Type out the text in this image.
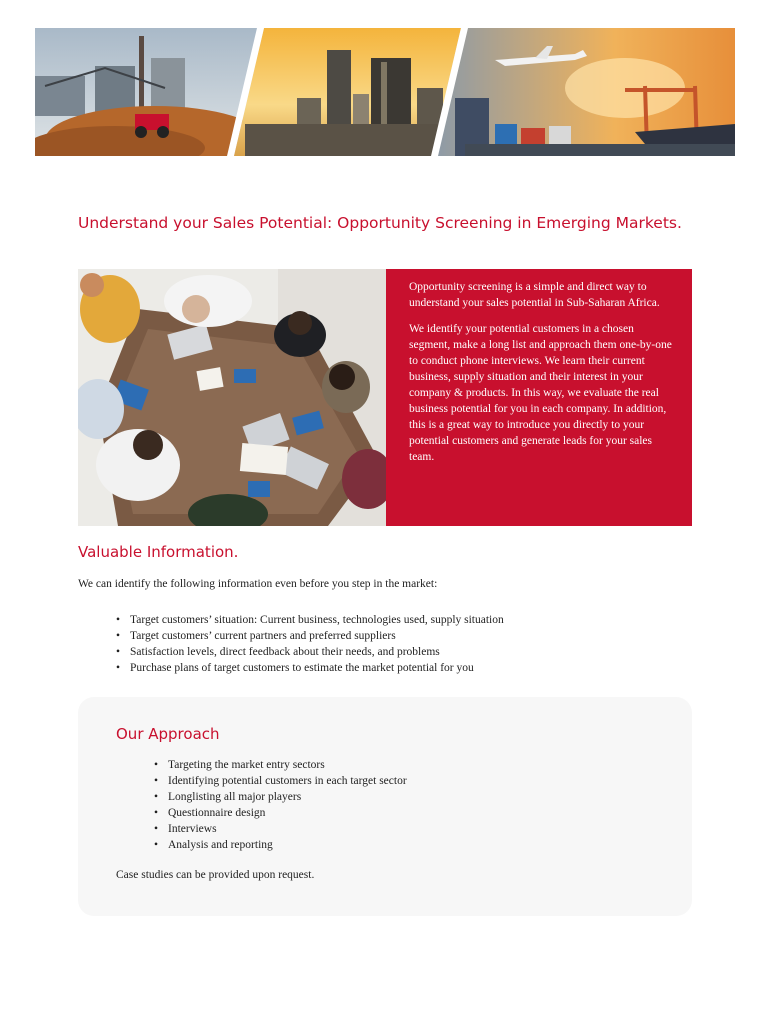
Understand your Sales Potential: Opportunity Screening in Emerging Markets.

Opportunity screening is a simple and direct way to understand your sales potential in Sub-Saharan Africa.

We identify your potential customers in a chosen segment, make a long list and approach them one-by-one to conduct phone interviews. We learn their current business, supply situation and their interest in your company & products. In this way, we evaluate the real business potential for you in each company. In addition, this is a great way to introduce you directly to your potential customers and generate leads for your sales team.

Valuable Information.

We can identify the following information even before you step in the market:

• Target customers’ situation: Current business, technologies used, supply situation
• Target customers’ current partners and preferred suppliers
• Satisfaction levels, direct feedback about their needs, and problems
• Purchase plans of target customers to estimate the market potential for you
Our Approach
• Targeting the market entry sectors
• Identifying potential customers in each target sector
• Longlisting all major players
• Questionnaire design
• Interviews
• Analysis and reporting

Case studies can be provided upon request.
